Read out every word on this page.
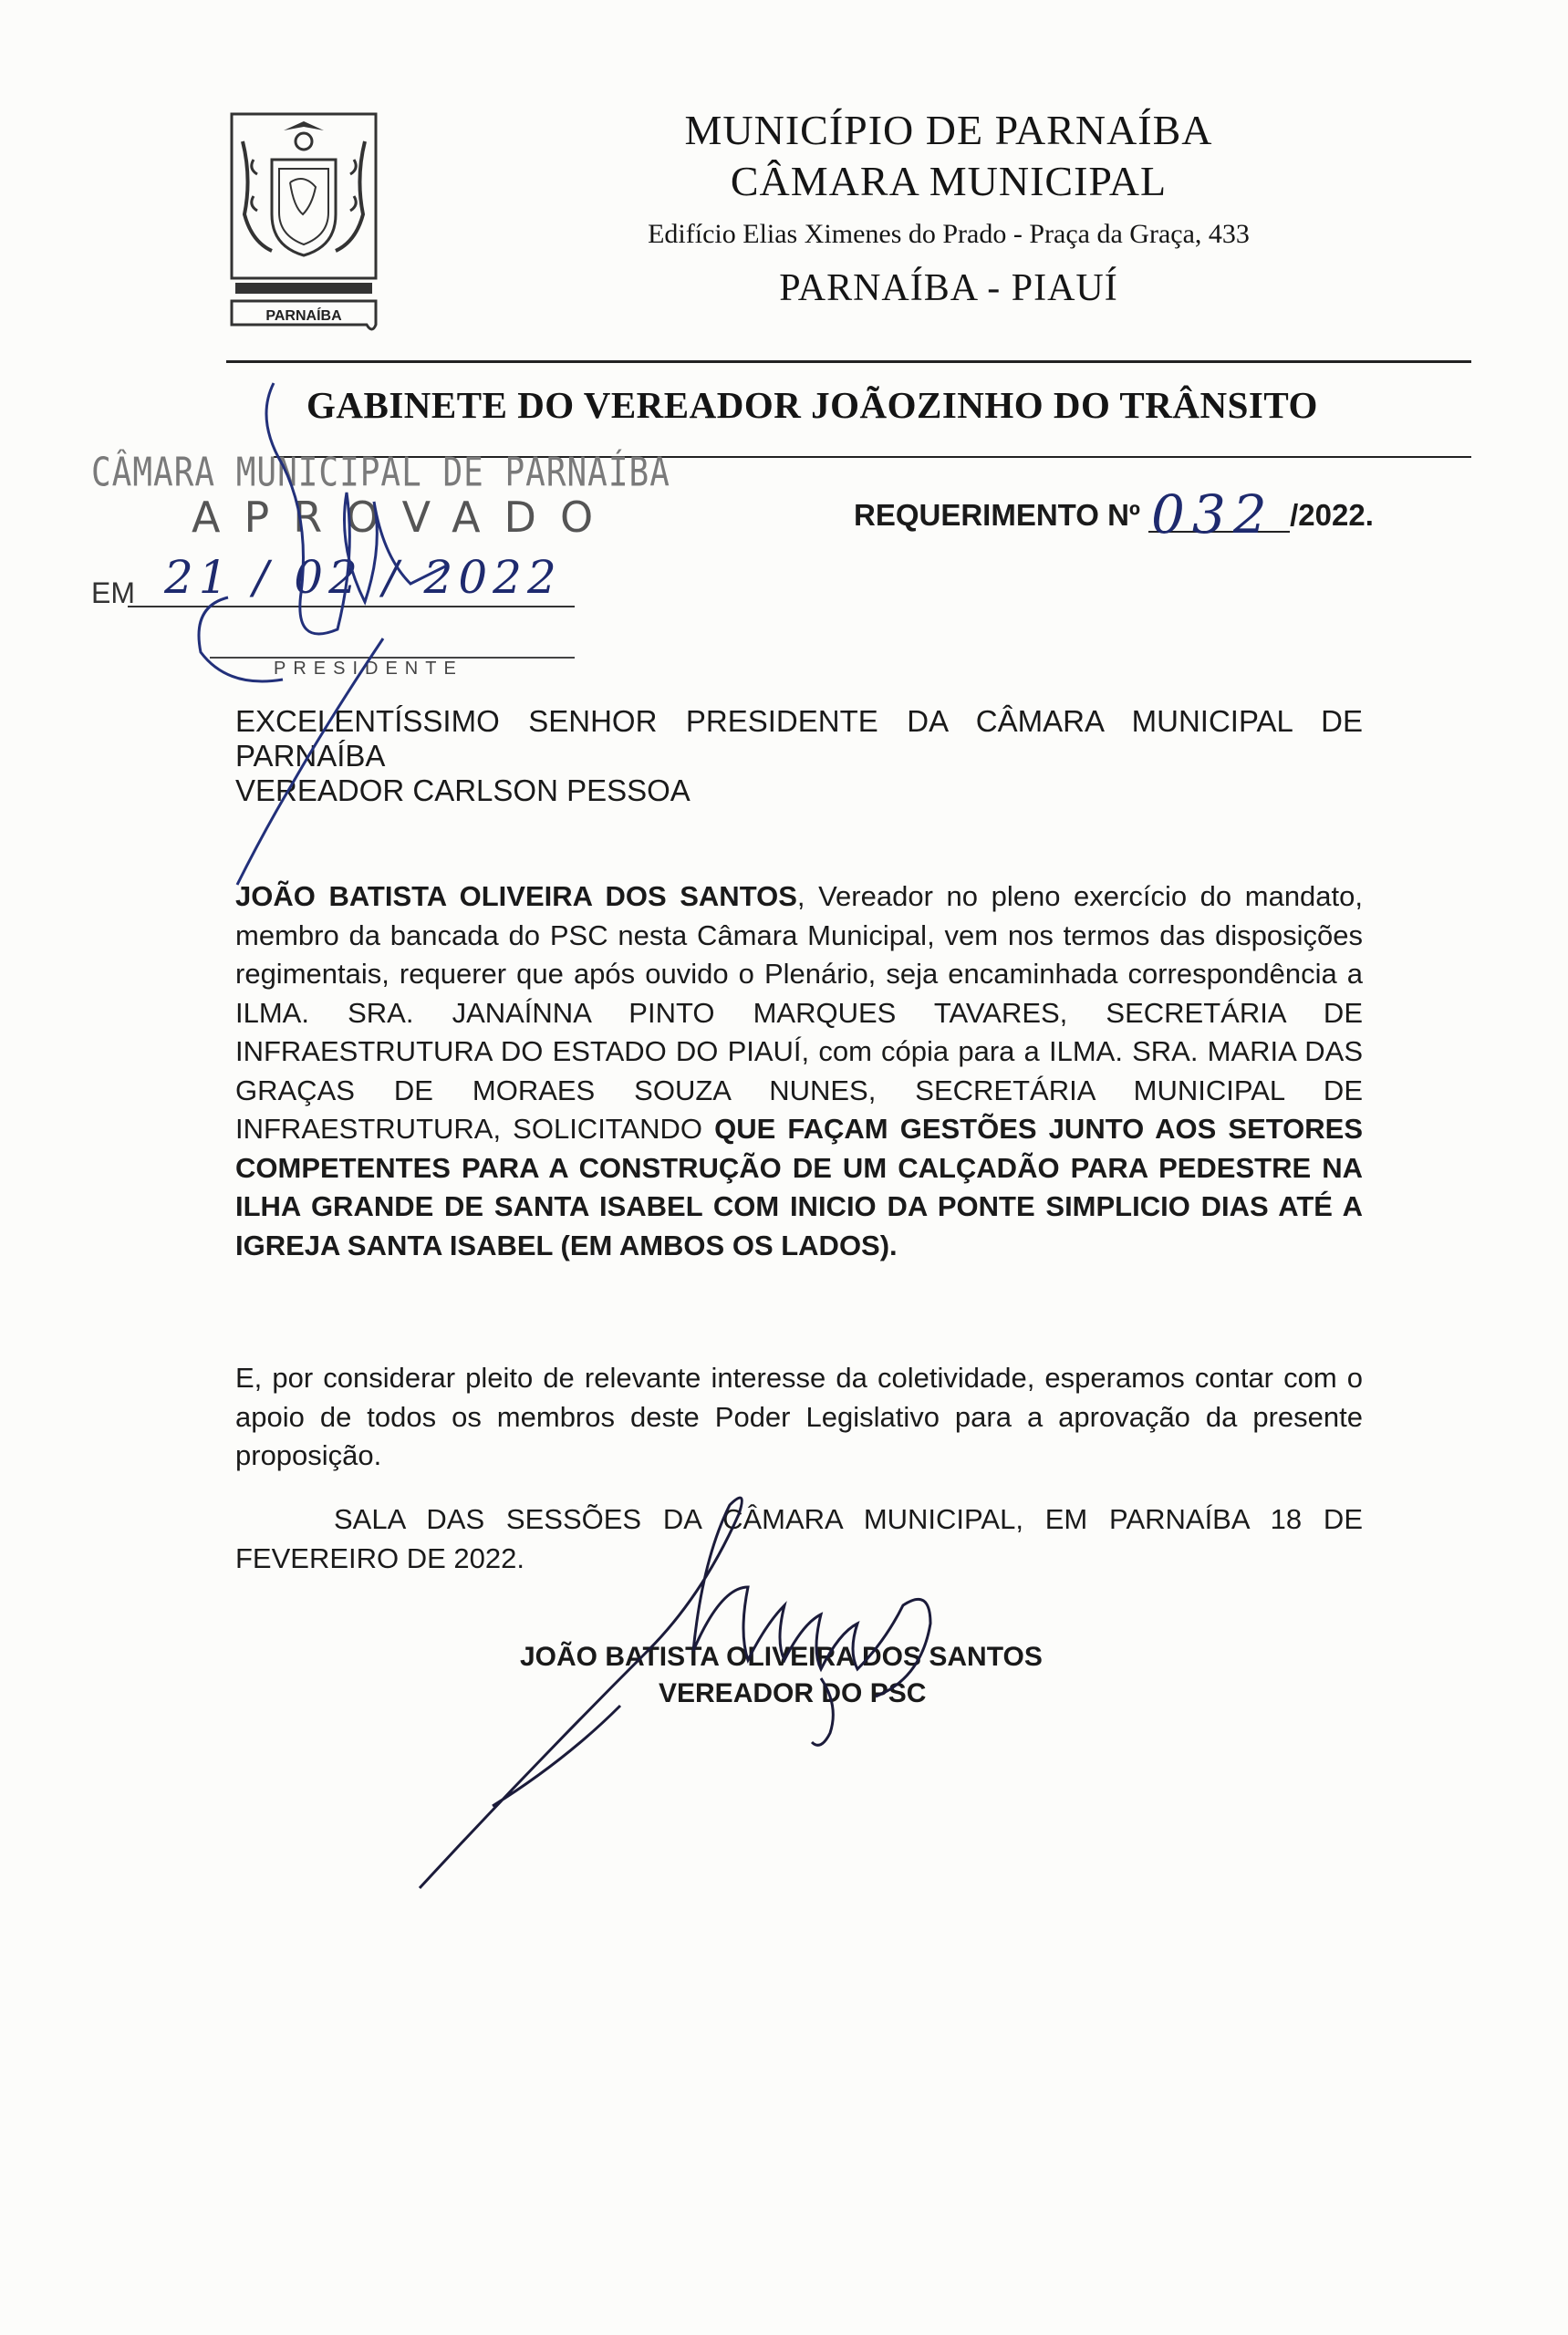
PARNAÍBA
MUNICÍPIO DE PARNAÍBA
CÂMARA MUNICIPAL
Edifício Elias Ximenes do Prado - Praça da Graça, 433
PARNAÍBA - PIAUÍ
GABINETE DO VEREADOR JOÃOZINHO DO TRÂNSITO
CÂMARA MUNICIPAL DE PARNAÍBA
APROVADO
EM
PRESIDENTE
REQUERIMENTO Nº	/2022.
EXCELENTÍSSIMO SENHOR PRESIDENTE DA CÂMARA MUNICIPAL DE
PARNAÍBA
VEREADOR CARLSON PESSOA
JOÃO BATISTA OLIVEIRA DOS SANTOS, Vereador no pleno exercício do mandato, membro da bancada do PSC nesta Câmara Municipal, vem nos termos das disposições regimentais, requerer que após ouvido o Plenário, seja encaminhada correspondência a ILMA. SRA. JANAÍNNA PINTO MARQUES TAVARES, SECRETÁRIA DE INFRAESTRUTURA DO ESTADO DO PIAUÍ, com cópia para a ILMA. SRA. MARIA DAS GRAÇAS DE MORAES SOUZA NUNES, SECRETÁRIA MUNICIPAL DE INFRAESTRUTURA, SOLICITANDO QUE FAÇAM GESTÕES JUNTO AOS SETORES COMPETENTES PARA A CONSTRUÇÃO DE UM CALÇADÃO PARA PEDESTRE NA ILHA GRANDE DE SANTA ISABEL COM INICIO DA PONTE SIMPLICIO DIAS ATÉ A IGREJA SANTA ISABEL (EM AMBOS OS LADOS).
E, por considerar pleito de relevante interesse da coletividade, esperamos contar com o apoio de todos os membros deste Poder Legislativo para a aprovação da presente proposição.
SALA DAS SESSÕES DA CÂMARA MUNICIPAL, EM PARNAÍBA 18 DE FEVEREIRO DE 2022.
JOÃO BATISTA OLIVEIRA DOS SANTOS
VEREADOR DO PSC
21 / 02 / 2022
032
